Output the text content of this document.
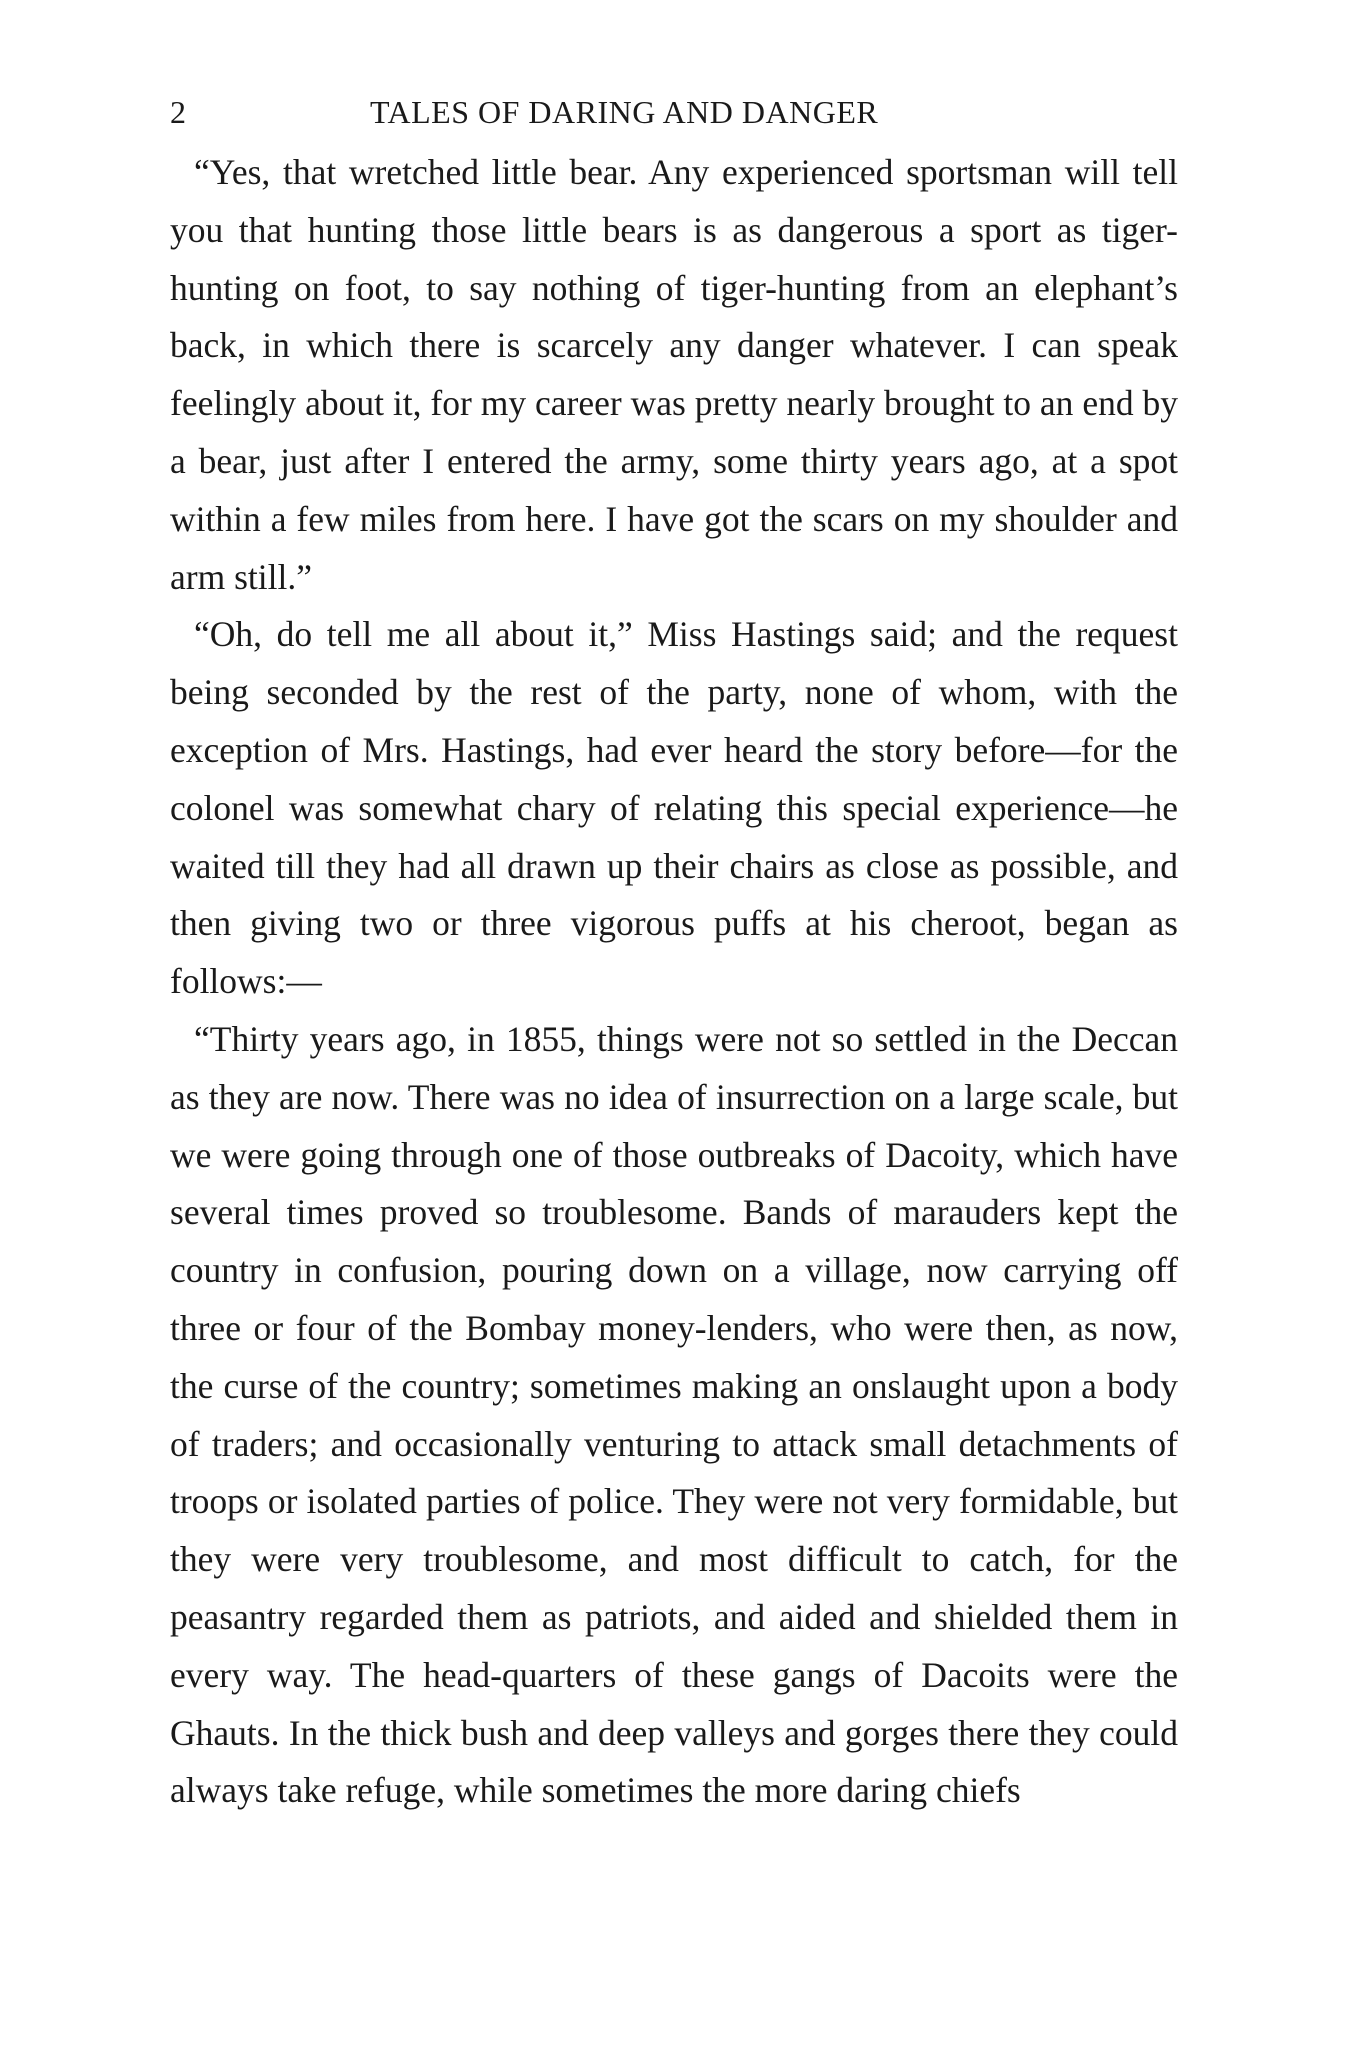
2	TALES OF DARING AND DANGER

“Yes, that wretched little bear. Any experienced sportsman will tell you that hunting those little bears is as dangerous a sport as tiger-hunting on foot, to say nothing of tiger-hunting from an elephant’s back, in which there is scarcely any danger whatever. I can speak feelingly about it, for my career was pretty nearly brought to an end by a bear, just after I entered the army, some thirty years ago, at a spot within a few miles from here. I have got the scars on my shoulder and arm still.”

“Oh, do tell me all about it,” Miss Hastings said; and the request being seconded by the rest of the party, none of whom, with the exception of Mrs. Hastings, had ever heard the story before—for the colonel was somewhat chary of relating this special experience—he waited till they had all drawn up their chairs as close as possible, and then giving two or three vigorous puffs at his cheroot, began as follows:—

“Thirty years ago, in 1855, things were not so settled in the Deccan as they are now. There was no idea of insurrection on a large scale, but we were going through one of those outbreaks of Dacoity, which have several times proved so troublesome. Bands of marauders kept the country in confusion, pouring down on a village, now carrying off three or four of the Bombay money-lenders, who were then, as now, the curse of the country; sometimes making an onslaught upon a body of traders; and occasionally venturing to attack small detachments of troops or isolated parties of police. They were not very formidable, but they were very troublesome, and most difficult to catch, for the peasantry regarded them as patriots, and aided and shielded them in every way. The head-quarters of these gangs of Dacoits were the Ghauts. In the thick bush and deep valleys and gorges there they could always take refuge, while sometimes the more daring chiefs
